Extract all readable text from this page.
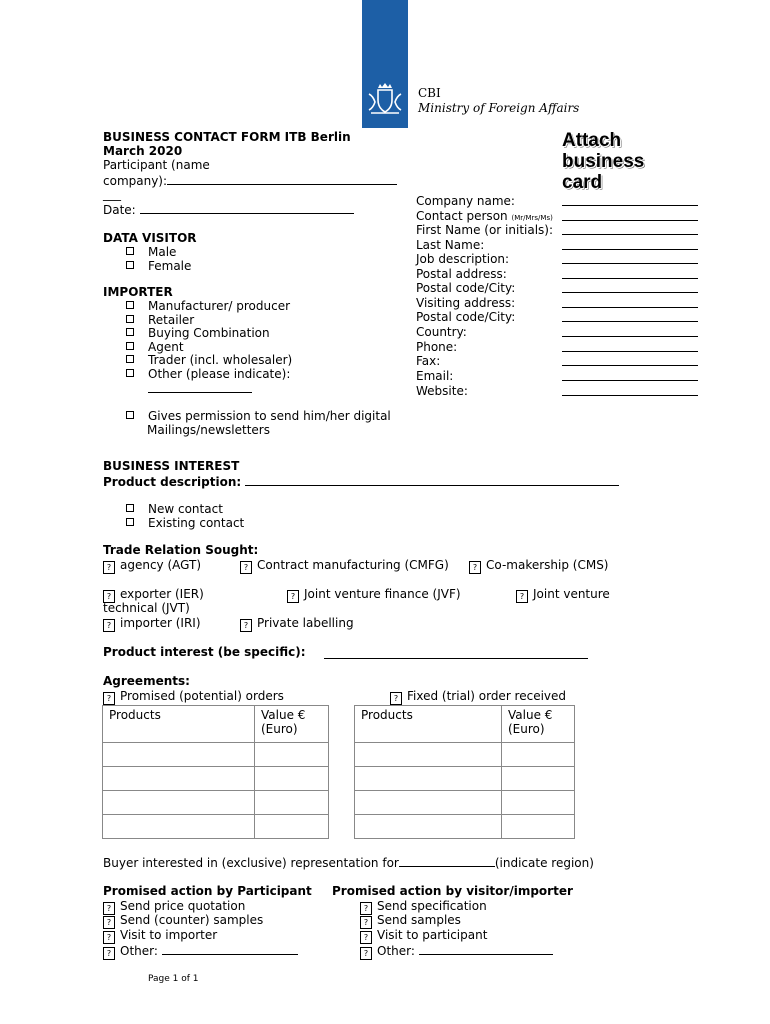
CBI
Ministry of Foreign Affairs
BUSINESS CONTACT FORM ITB Berlin
March 2020
Participant (name
company):
___
Date:
Attach
business
card
Company name:
Contact person (Mr/Mrs/Ms)
First Name (or initials):
Last Name:
Job description:
Postal address:
Postal code/City:
Visiting address:
Postal code/City:
Country:
Phone:
Fax:
Email:
Website:
DATA VISITOR
Male
Female
IMPORTER
Manufacturer/ producer
Retailer
Buying Combination
Agent
Trader (incl. wholesaler)
Other (please indicate):
Gives permission to send him/her digital
Mailings/newsletters
BUSINESS INTEREST
Product description:
New contact
Existing contact
Trade Relation Sought:
? agency (AGT)	? Contract manufacturing (CMFG)	? Co-makershiр (CMS)
? exporter (IER)	? Joint venture finance (JVF)	? Joint venture
technical (JVT)
? importer (IRI)	? Private labelling
Product interest (be specific):
Agreements:
? Promised (potential) orders	? Fixed (trial) order received
Products	Value €
(Euro)

Products	Value €
(Euro)

Buyer interested in (exclusive) representation for	(indicate region)
Promised action by Participant
? Send price quotation
? Send (counter) samples
? Visit to importer
? Other:
Promised action by visitor/importer
? Send specification
? Send samples
? Visit to participant
? Other:
Page 1 of 1
